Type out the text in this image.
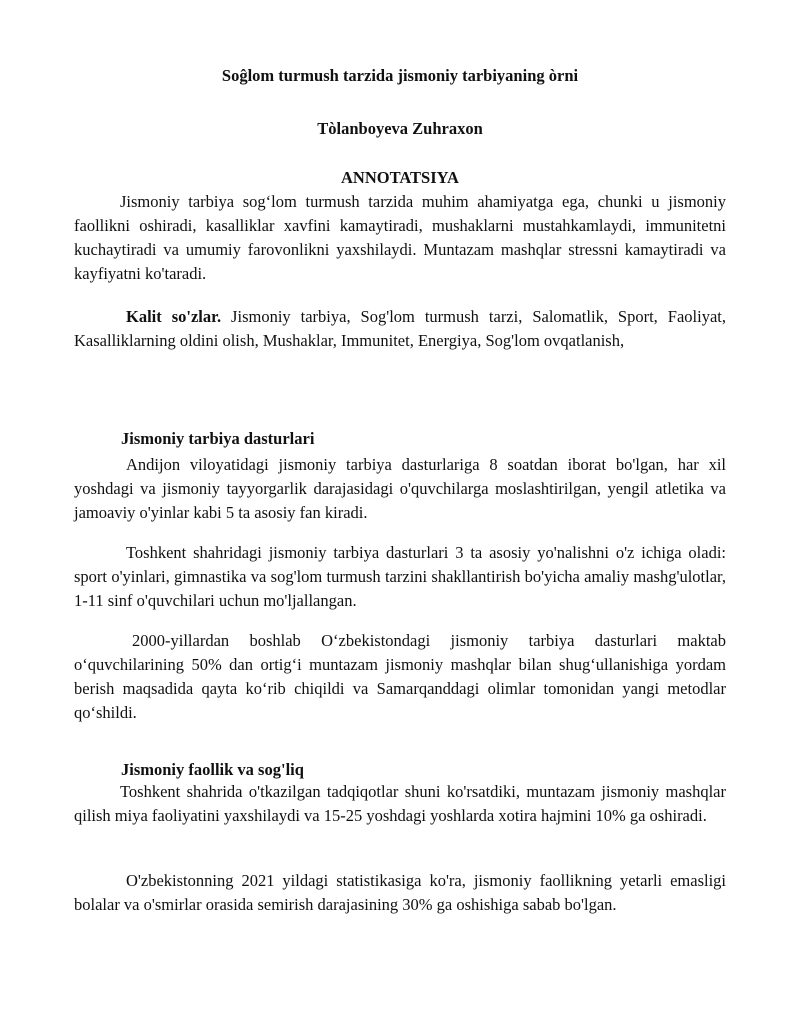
Soĝlom turmush tarzida jismoniy tarbiyaning òrni
Tòlanboyeva Zuhraxon
ANNOTATSIYA

Jismoniy tarbiya sog‘lom turmush tarzida muhim ahamiyatga ega, chunki u jismoniy faollikni oshiradi, kasalliklar xavfini kamaytiradi, mushaklarni mustahkamlaydi, immunitetni kuchaytiradi va umumiy farovonlikni yaxshilaydi. Muntazam mashqlar stressni kamaytiradi va kayfiyatni ko'taradi.

Kalit so'zlar. Jismoniy tarbiya, Sog'lom turmush tarzi, Salomatlik, Sport, Faoliyat, Kasalliklarning oldini olish, Mushaklar, Immunitet, Energiya, Sog'lom ovqatlanish,

Jismoniy tarbiya dasturlari

Andijon viloyatidagi jismoniy tarbiya dasturlariga 8 soatdan iborat bo'lgan, har xil yoshdagi va jismoniy tayyorgarlik darajasidagi o'quvchilarga moslashtirilgan, yengil atletika va jamoaviy o'yinlar kabi 5 ta asosiy fan kiradi.

Toshkent shahridagi jismoniy tarbiya dasturlari 3 ta asosiy yo'nalishni o'z ichiga oladi: sport o'yinlari, gimnastika va sog'lom turmush tarzini shakllantirish bo'yicha amaliy mashg'ulotlar, 1-11 sinf o'quvchilari uchun mo'ljallangan.

2000-yillardan boshlab O‘zbekistondagi jismoniy tarbiya dasturlari maktab o‘quvchilarining 50% dan ortig‘i muntazam jismoniy mashqlar bilan shug‘ullanishiga yordam berish maqsadida qayta ko‘rib chiqildi va Samarqanddagi olimlar tomonidan yangi metodlar qo‘shildi.

Jismoniy faollik va sog'liq

Toshkent shahrida o'tkazilgan tadqiqotlar shuni ko'rsatdiki, muntazam jismoniy mashqlar qilish miya faoliyatini yaxshilaydi va 15-25 yoshdagi yoshlarda xotira hajmini 10% ga oshiradi.

O'zbekistonning 2021 yildagi statistikasiga ko'ra, jismoniy faollikning yetarli emasligi bolalar va o'smirlar orasida semirish darajasining 30% ga oshishiga sabab bo'lgan.
